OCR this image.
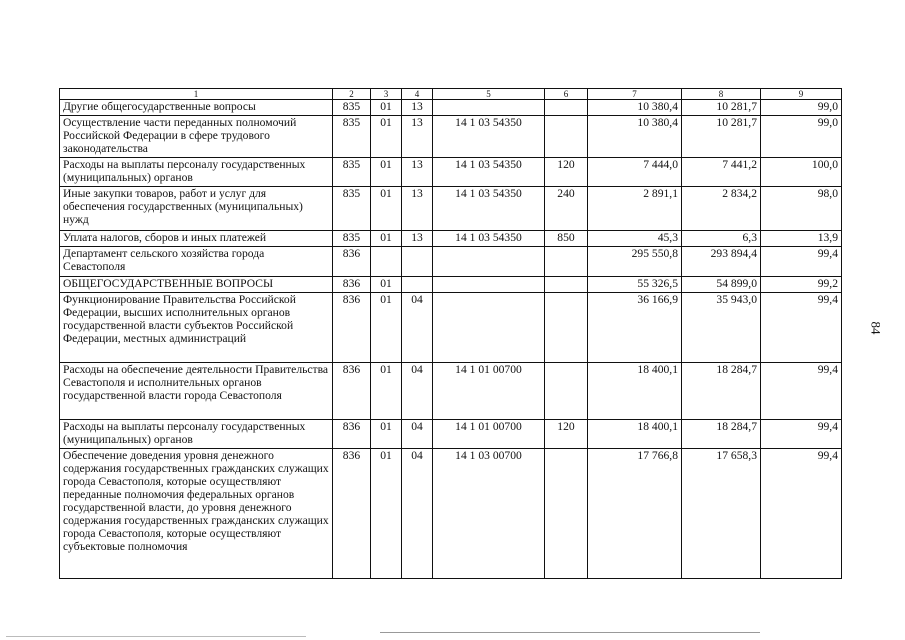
1	2	3	4	5	6	7	8	9
Другие общегосударственные вопросы	835	01	13			10 380,4	10 281,7	99,0
Осуществление части переданных полномочий Российской Федерации в сфере трудового законодательства	835	01	13	14 1 03 54350		10 380,4	10 281,7	99,0
Расходы на выплаты персоналу государственных (муниципальных) органов	835	01	13	14 1 03 54350	120	7 444,0	7 441,2	100,0
Иные закупки товаров, работ и услуг для обеспечения государственных (муниципальных) нужд	835	01	13	14 1 03 54350	240	2 891,1	2 834,2	98,0
Уплата налогов, сборов и иных платежей	835	01	13	14 1 03 54350	850	45,3	6,3	13,9
Департамент сельского хозяйства города Севастополя	836					295 550,8	293 894,4	99,4
ОБЩЕГОСУДАРСТВЕННЫЕ ВОПРОСЫ	836	01				55 326,5	54 899,0	99,2
Функционирование Правительства Российской Федерации, высших исполнительных органов государственной власти субъектов Российской Федерации, местных администраций	836	01	04			36 166,9	35 943,0	99,4
Расходы на обеспечение деятельности Правительства Севастополя и исполнительных органов государственной власти города Севастополя	836	01	04	14 1 01 00700		18 400,1	18 284,7	99,4
Расходы на выплаты персоналу государственных (муниципальных) органов	836	01	04	14 1 01 00700	120	18 400,1	18 284,7	99,4
Обеспечение доведения уровня денежного содержания государственных гражданских служащих города Севастополя, которые осуществляют переданные полномочия федеральных органов государственной власти, до уровня денежного содержания государственных гражданских служащих города Севастополя, которые осуществляют субъектовые полномочия	836	01	04	14 1 03 00700		17 766,8	17 658,3	99,4
84
